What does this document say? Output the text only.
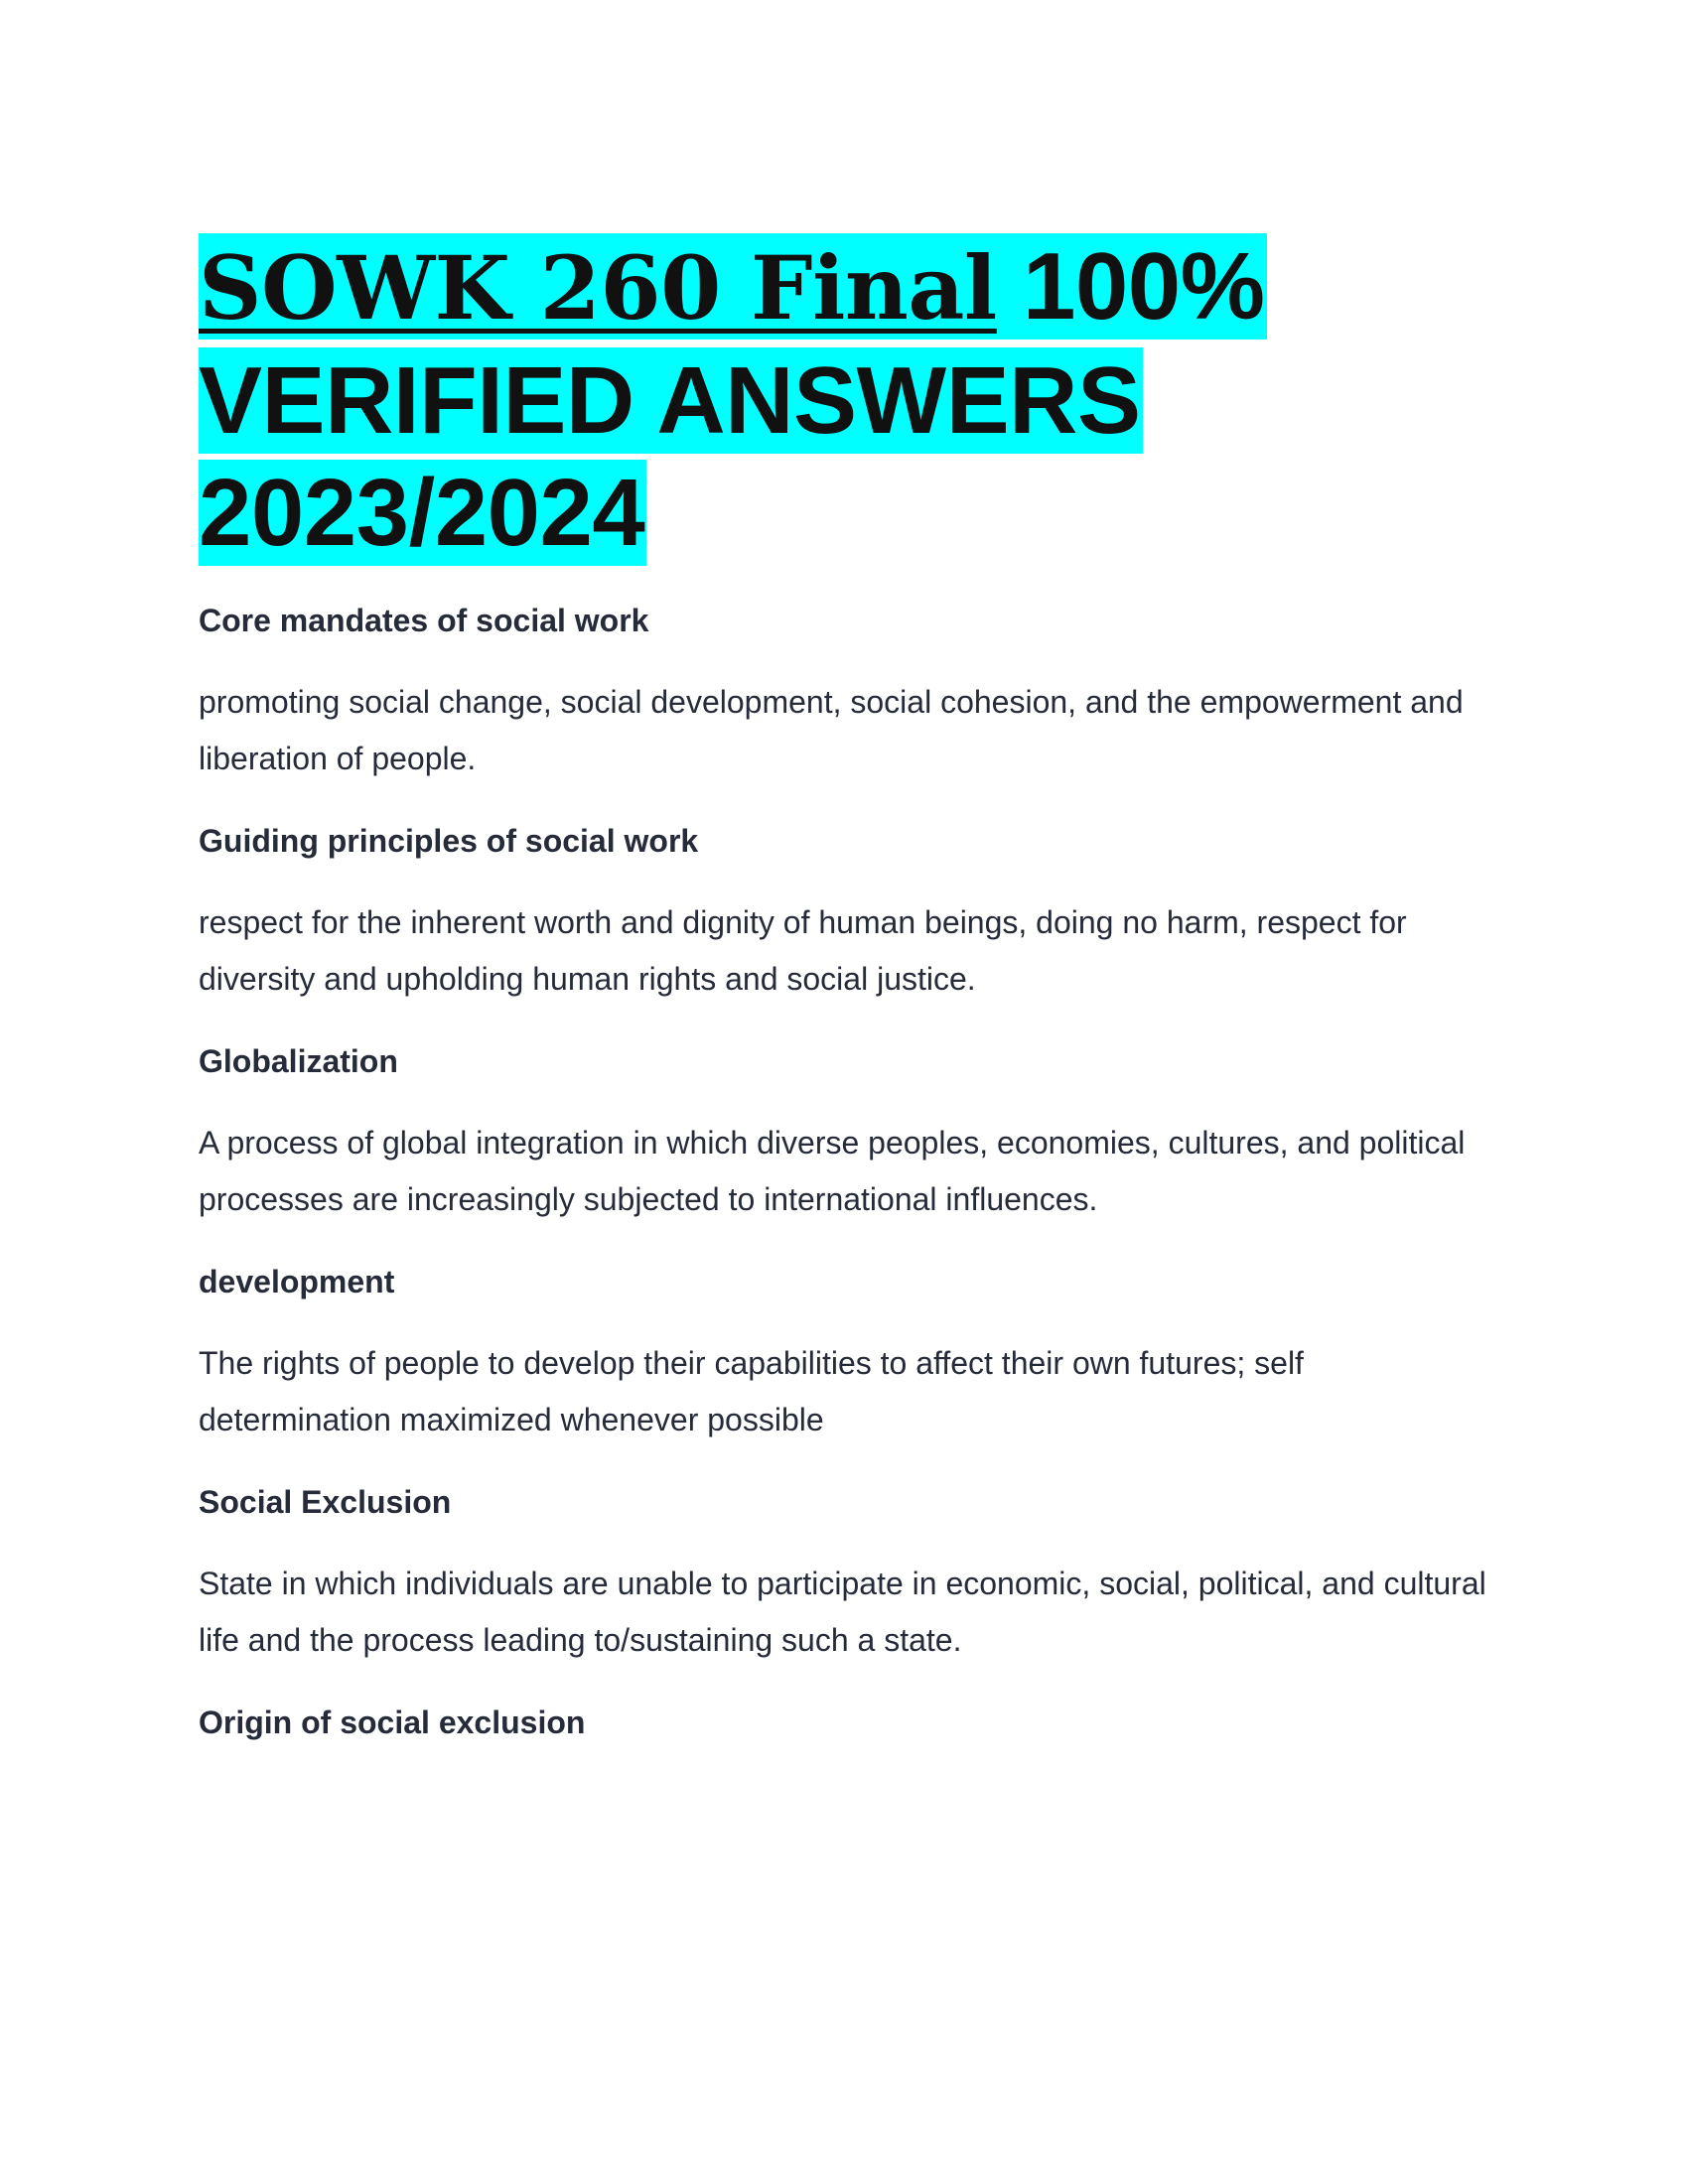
SOWK 260 Final 100% VERIFIED ANSWERS 2023/2024

Core mandates of social work

promoting social change, social development, social cohesion, and the empowerment and liberation of people.

Guiding principles of social work

respect for the inherent worth and dignity of human beings, doing no harm, respect for diversity and upholding human rights and social justice.

Globalization

A process of global integration in which diverse peoples, economies, cultures, and political processes are increasingly subjected to international influences.

development

The rights of people to develop their capabilities to affect their own futures; self determination maximized whenever possible

Social Exclusion

State in which individuals are unable to participate in economic, social, political, and cultural life and the process leading to/sustaining such a state.

Origin of social exclusion
